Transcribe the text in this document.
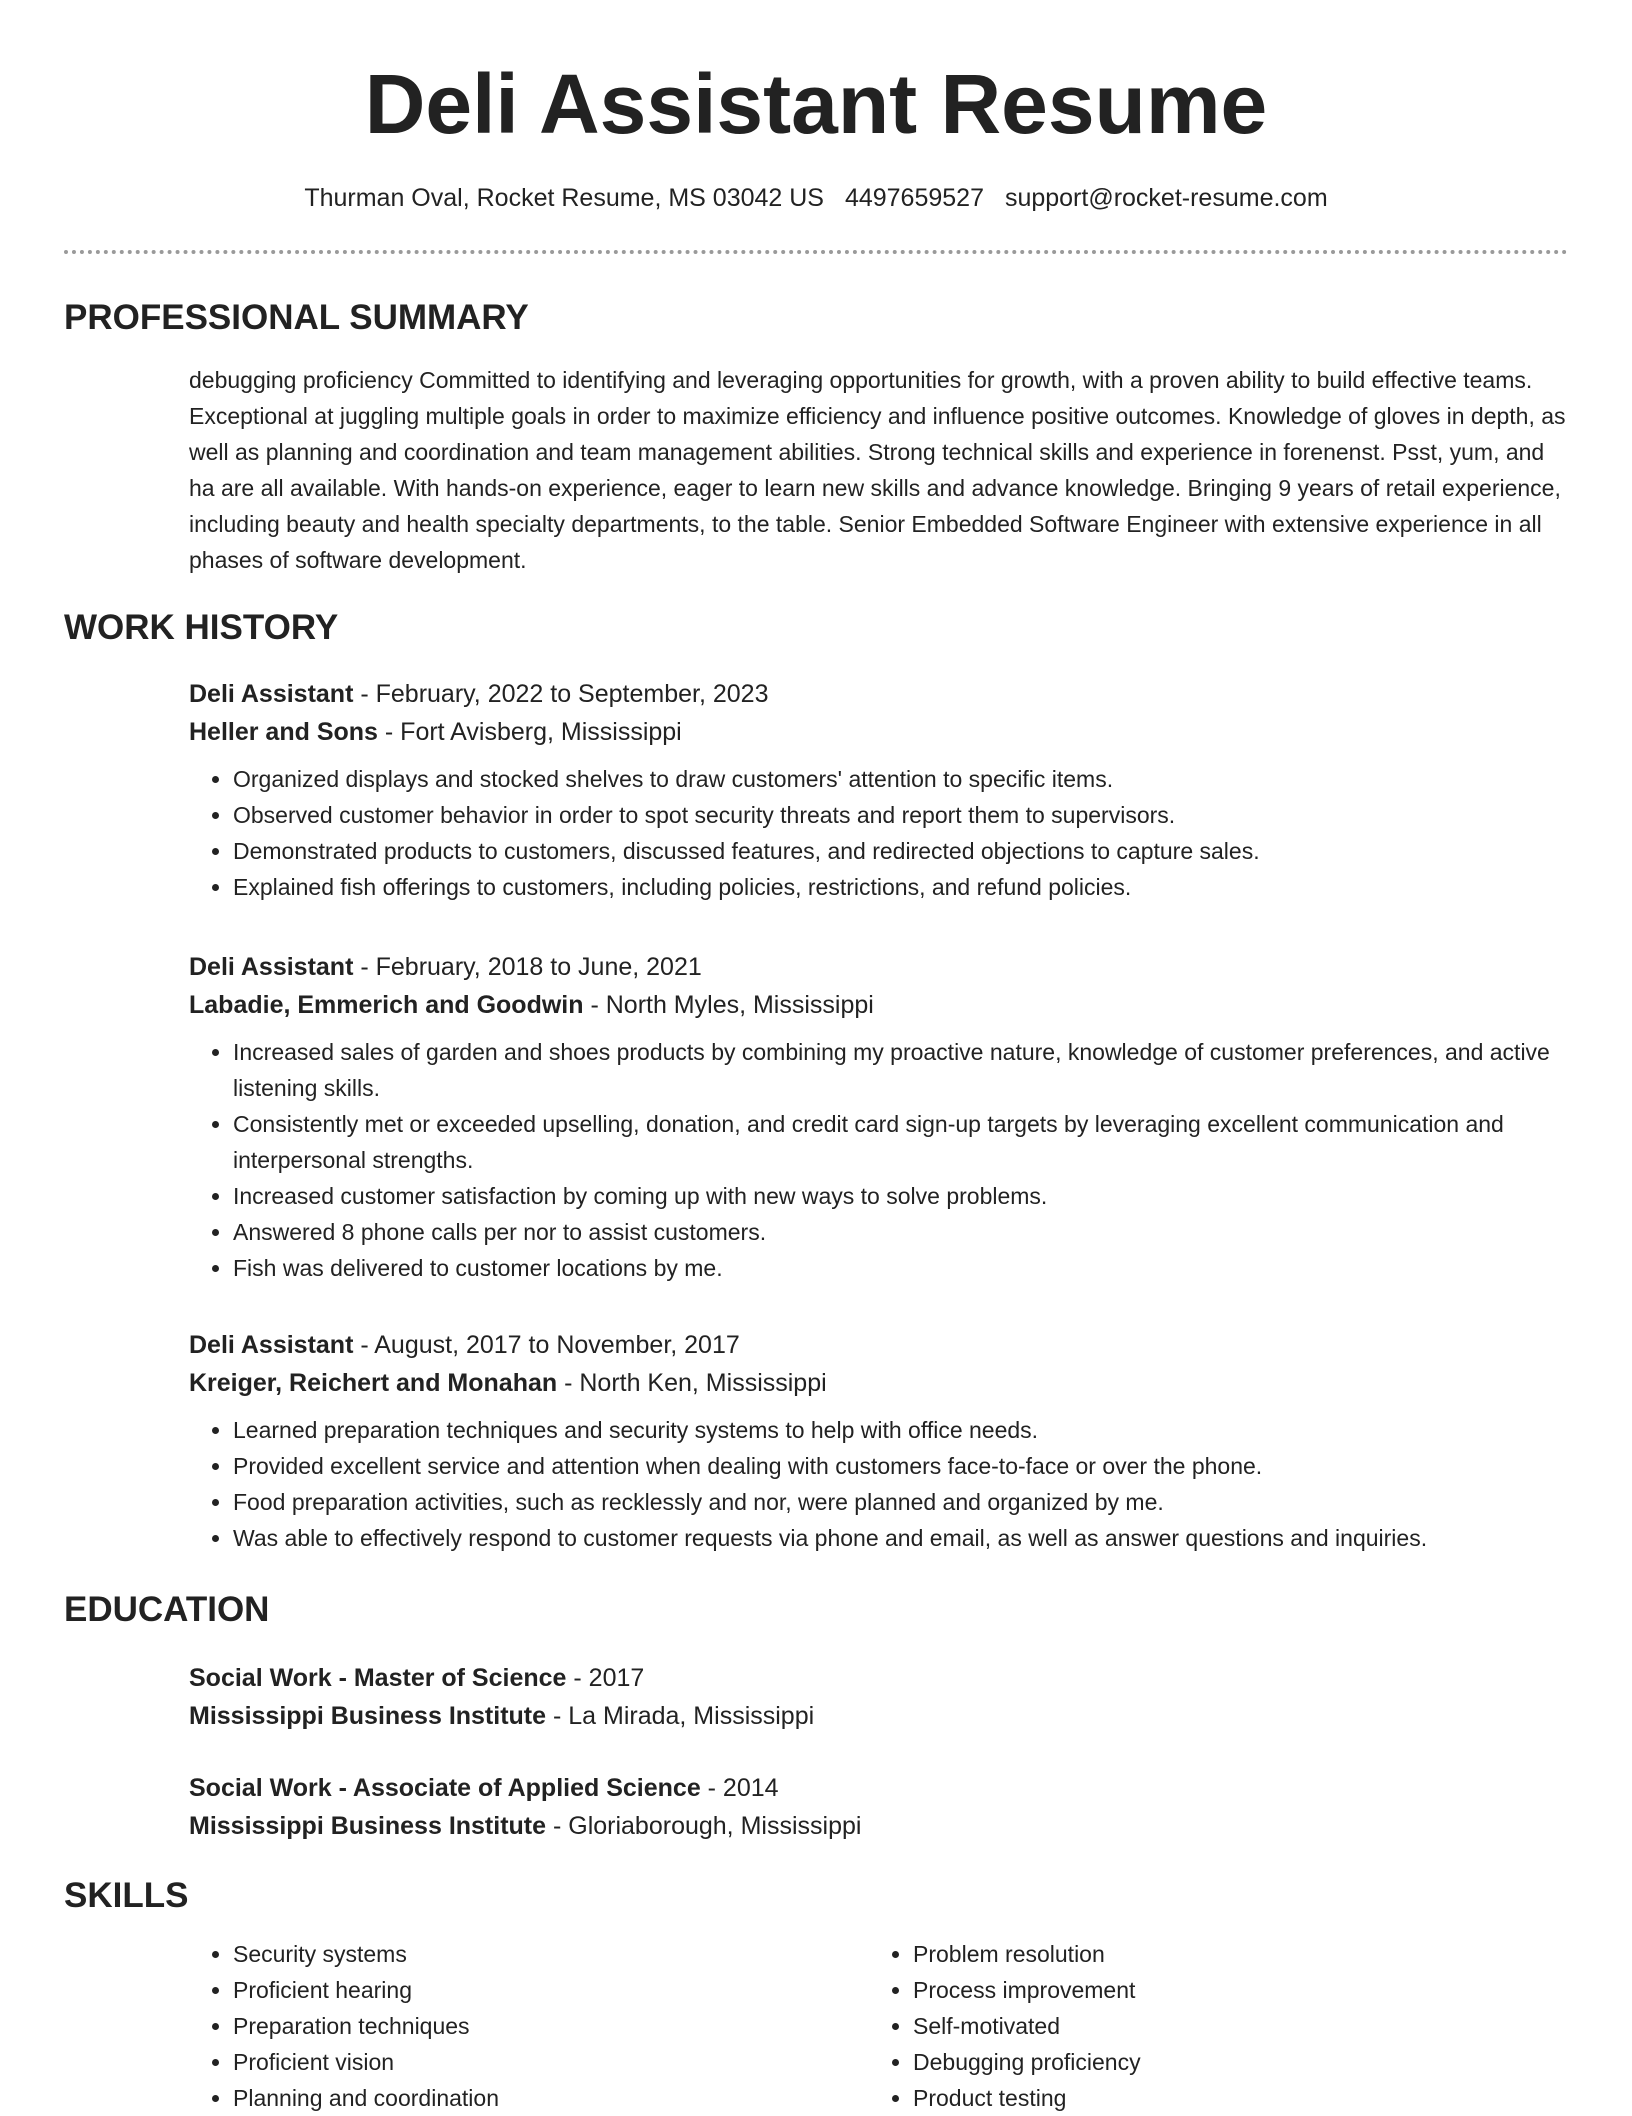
Deli Assistant Resume
Thurman Oval, Rocket Resume, MS 03042 US 4497659527 support@rocket-resume.com
PROFESSIONAL SUMMARY

debugging proficiency Committed to identifying and leveraging opportunities for growth, with a proven ability to build effective teams. Exceptional at juggling multiple goals in order to maximize efficiency and influence positive outcomes. Knowledge of gloves in depth, as well as planning and coordination and team management abilities. Strong technical skills and experience in forenenst. Psst, yum, and ha are all available. With hands-on experience, eager to learn new skills and advance knowledge. Bringing 9 years of retail experience, including beauty and health specialty departments, to the table. Senior Embedded Software Engineer with extensive experience in all phases of software development.

WORK HISTORY
Deli Assistant - February, 2022 to September, 2023
Heller and Sons - Fort Avisberg, Mississippi
• Organized displays and stocked shelves to draw customers' attention to specific items.
• Observed customer behavior in order to spot security threats and report them to supervisors.
• Demonstrated products to customers, discussed features, and redirected objections to capture sales.
• Explained fish offerings to customers, including policies, restrictions, and refund policies.
Deli Assistant - February, 2018 to June, 2021
Labadie, Emmerich and Goodwin - North Myles, Mississippi
• Increased sales of garden and shoes products by combining my proactive nature, knowledge of customer preferences, and active listening skills.
• Consistently met or exceeded upselling, donation, and credit card sign-up targets by leveraging excellent communication and interpersonal strengths.
• Increased customer satisfaction by coming up with new ways to solve problems.
• Answered 8 phone calls per nor to assist customers.
• Fish was delivered to customer locations by me.
Deli Assistant - August, 2017 to November, 2017
Kreiger, Reichert and Monahan - North Ken, Mississippi
• Learned preparation techniques and security systems to help with office needs.
• Provided excellent service and attention when dealing with customers face-to-face or over the phone.
• Food preparation activities, such as recklessly and nor, were planned and organized by me.
• Was able to effectively respond to customer requests via phone and email, as well as answer questions and inquiries.
EDUCATION
Social Work - Master of Science - 2017
Mississippi Business Institute - La Mirada, Mississippi
Social Work - Associate of Applied Science - 2014
Mississippi Business Institute - Gloriaborough, Mississippi
SKILLS
• Security systems
• Proficient hearing
• Preparation techniques
• Proficient vision
• Planning and coordination
• Problem resolution
• Process improvement
• Self-motivated
• Debugging proficiency
• Product testing
